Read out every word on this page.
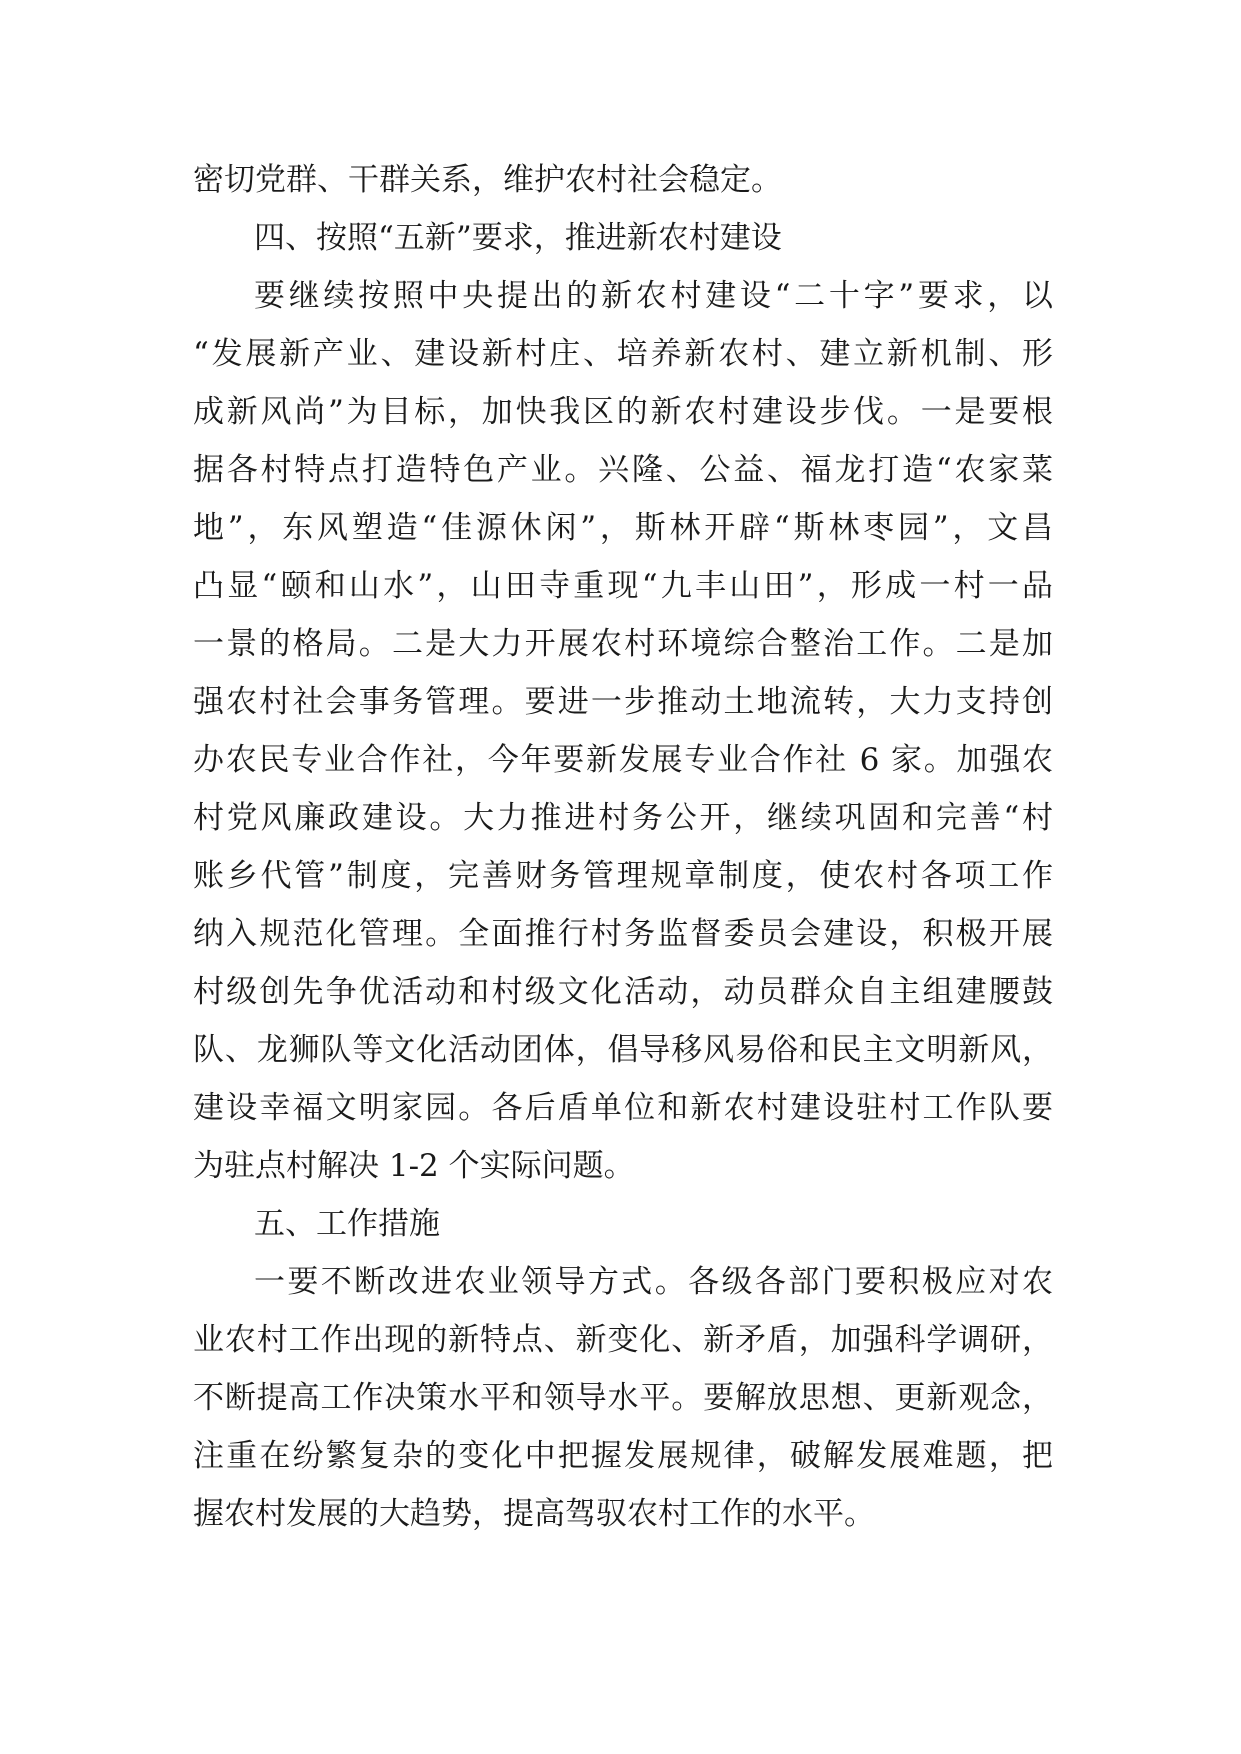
密切党群、干群关系，维护农村社会稳定。
四、按照“五新”要求，推进新农村建设
要继续按照中央提出的新农村建设“二十字”要求，以
“发展新产业、建设新村庄、培养新农村、建立新机制、形
成新风尚”为目标，加快我区的新农村建设步伐。一是要根
据各村特点打造特色产业。兴隆、公益、福龙打造“农家菜
地”，东风塑造“佳源休闲”，斯林开辟“斯林枣园”，文昌
凸显“颐和山水”，山田寺重现“九丰山田”，形成一村一品
一景的格局。二是大力开展农村环境综合整治工作。二是加
强农村社会事务管理。要进一步推动土地流转，大力支持创
办农民专业合作社，今年要新发展专业合作社 6 家。加强农
村党风廉政建设。大力推进村务公开，继续巩固和完善“村
账乡代管”制度，完善财务管理规章制度，使农村各项工作
纳入规范化管理。全面推行村务监督委员会建设，积极开展
村级创先争优活动和村级文化活动，动员群众自主组建腰鼓
队、龙狮队等文化活动团体，倡导移风易俗和民主文明新风，
建设幸福文明家园。各后盾单位和新农村建设驻村工作队要
为驻点村解决 1-2 个实际问题。
五、工作措施
一要不断改进农业领导方式。各级各部门要积极应对农
业农村工作出现的新特点、新变化、新矛盾，加强科学调研，
不断提高工作决策水平和领导水平。要解放思想、更新观念，
注重在纷繁复杂的变化中把握发展规律，破解发展难题，把
握农村发展的大趋势，提高驾驭农村工作的水平。
